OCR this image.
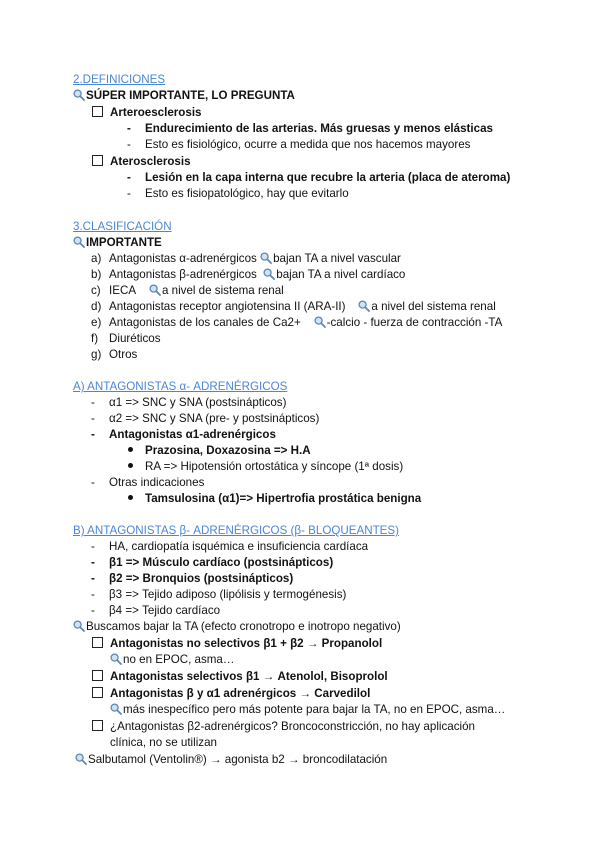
2.DEFINICIONES
SÚPER IMPORTANTE, LO PREGUNTA
Arteroesclerosis
- Endurecimiento de las arterias. Más gruesas y menos elásticas
- Esto es fisiológico, ocurre a medida que nos hacemos mayores
Aterosclerosis
- Lesión en la capa interna que recubre la arteria (placa de ateroma)
- Esto es fisiopatológico, hay que evitarlo
3.CLASIFICACIÓN
IMPORTANTE
a) Antagonistas α-adrenérgicos bajan TA a nivel vascular
b) Antagonistas β-adrenérgicos bajan TA a nivel cardíaco
c) IECA a nivel de sistema renal
d) Antagonistas receptor angiotensina II (ARA-II) a nivel del sistema renal
e) Antagonistas de los canales de Ca2+ -calcio - fuerza de contracción -TA
f) Diuréticos
g) Otros
A) ANTAGONISTAS α- ADRENÉRGICOS
- α1 => SNC y SNA (postsinápticos)
- α2 => SNC y SNA (pre- y postsinápticos)
- Antagonistas α1-adrenérgicos
Prazosina, Doxazosina => H.A
RA => Hipotensión ortostática y síncope (1ª dosis)
- Otras indicaciones
Tamsulosina (α1)=> Hipertrofia prostática benigna
B) ANTAGONISTAS β- ADRENÉRGICOS (β- BLOQUEANTES)
- HA, cardiopatía isquémica e insuficiencia cardíaca
- β1 => Músculo cardíaco (postsinápticos)
- β2 => Bronquios (postsinápticos)
- β3 => Tejido adiposo (lipólisis y termogénesis)
- β4 => Tejido cardíaco
Buscamos bajar la TA (efecto cronotropo e inotropo negativo)
Antagonistas no selectivos β1 + β2 → Propanolol
no en EPOC, asma…
Antagonistas selectivos β1 → Atenolol, Bisoprolol
Antagonistas β y α1 adrenérgicos → Carvedilol
más inespecífico pero más potente para bajar la TA, no en EPOC, asma…
¿Antagonistas β2-adrenérgicos? Broncoconstricción, no hay aplicación
clínica, no se utilizan
Salbutamol (Ventolin®) → agonista b2 → broncodilatación
